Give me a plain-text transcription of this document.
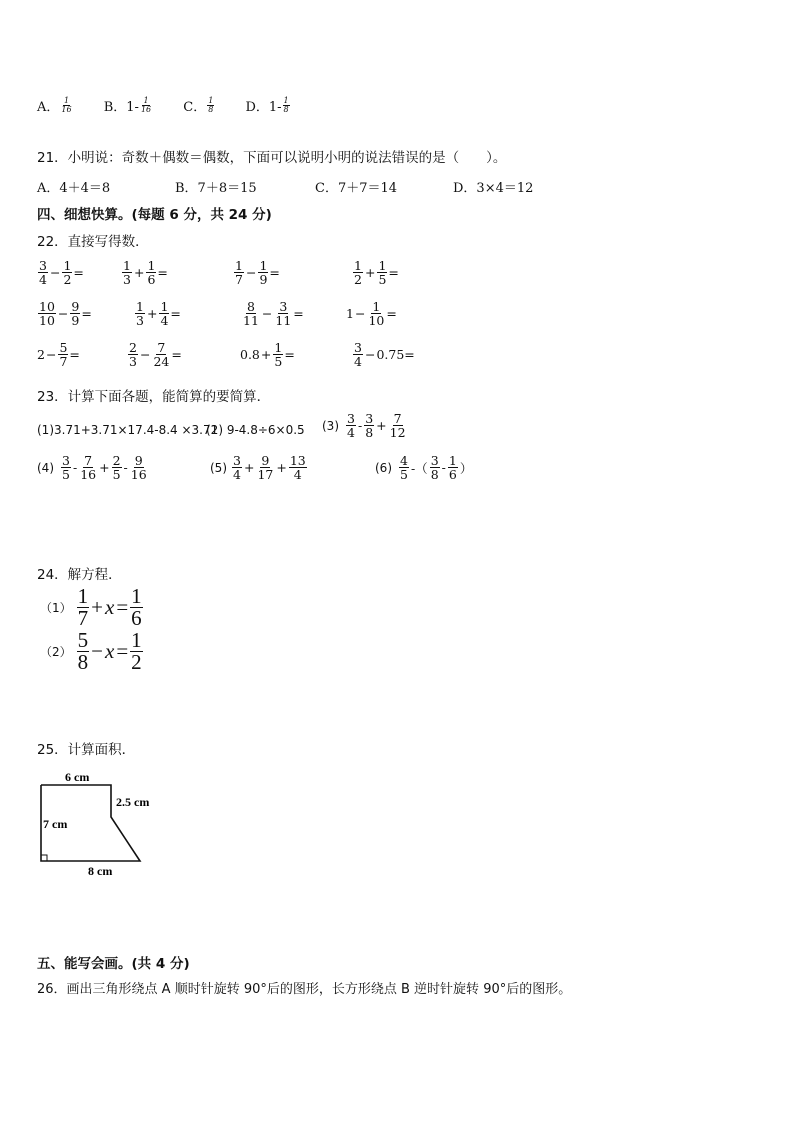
A． $\frac{1}{16}$
B．$1- \frac{1}{16}$
C． $\frac{1}{8}$
D．$1- \frac{1}{8}$
21．小明说：奇数＋偶数＝偶数，下面可以说明小明的说法错误的是（　　）。
A．4＋4＝8	B．7＋8＝15	C．7＋7＝14	D．3×4＝12
四、细想快算。(每题 6 分，共 24 分)
22．直接写得数．
$\frac{3}{4} - \frac{1}{2}$ =	$\frac{1}{3} + \frac{1}{6}$ =	$\frac{1}{7} - \frac{1}{9}$ =	$\frac{1}{2} + \frac{1}{5}$ =
$\frac{10}{10} - \frac{9}{9}$ =	$\frac{1}{3} + \frac{1}{4}$ =	$\frac{8}{11} - \frac{3}{11}$ =	$1 - \frac{1}{10}$ =
$2 - \frac{5}{7}$ =	$\frac{2}{3} - \frac{7}{24}$ =	$0.8 + \frac{1}{5}$ =	$\frac{3}{4} - 0.75$ =
23．计算下面各题，能简算的要简算．
(1)3.71+3.71×17.4-8.4 ×3.71
(2) 9-4.8÷6×0.5 $(3) \frac{3}{4} - \frac{3}{8} + \frac{7}{12}$
$(4) \frac{3}{5} - \frac{7}{16} + \frac{2}{5} - \frac{9}{16}$	$(5) \frac{3}{4} + \frac{9}{17} + \frac{13}{4}$	$(6) \frac{4}{5}$ -（ $\frac{3}{8} - \frac{1}{6}$ ）
24．解方程．
$(1) \frac{1}{7} + x = \frac{1}{6}$
$(2) \frac{5}{8} - x = \frac{1}{2}$
25．计算面积．
6 cm
2.5 cm
7 cm
8 cm
五、能写会画。(共 4 分)
26．画出三角形绕点 A 顺时针旋转 90°后的图形，长方形绕点 B 逆时针旋转 90°后的图形。
